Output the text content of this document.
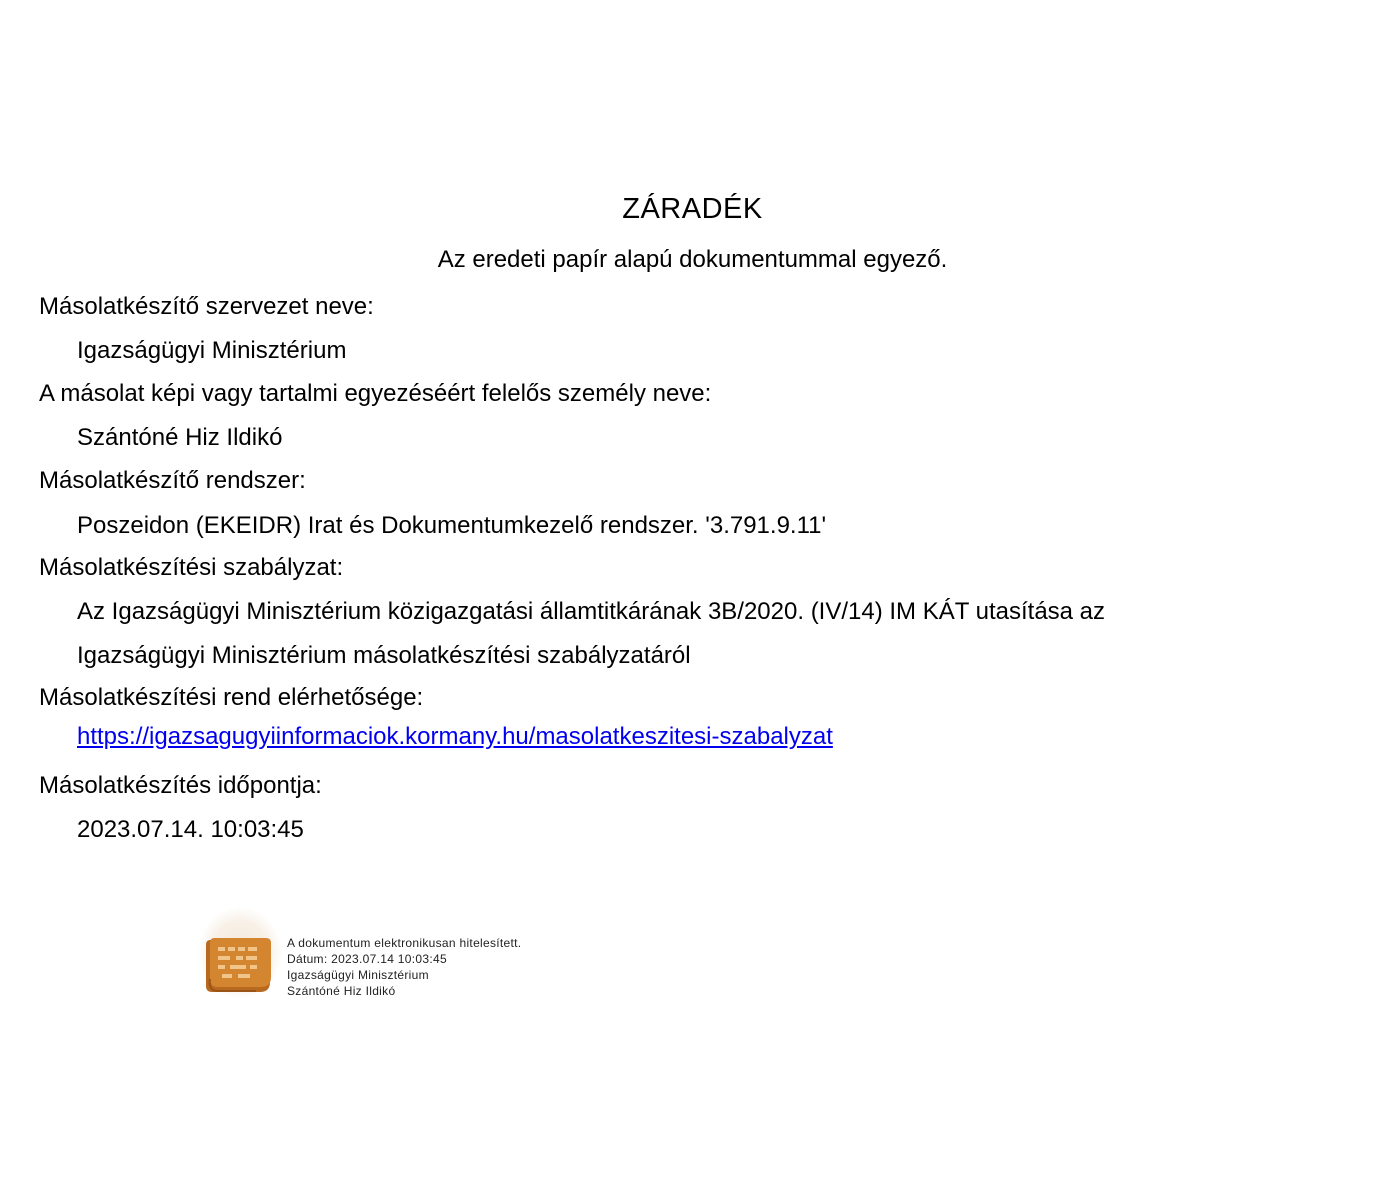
ZÁRADÉK
Az eredeti papír alapú dokumentummal egyező.
Másolatkészítő szervezet neve:
Igazságügyi Minisztérium
A másolat képi vagy tartalmi egyezéséért felelős személy neve:
Szántóné Hiz Ildikó
Másolatkészítő rendszer:
Poszeidon (EKEIDR) Irat és Dokumentumkezelő rendszer. '3.791.9.11'
Másolatkészítési szabályzat:
Az Igazságügyi Minisztérium közigazgatási államtitkárának 3B/2020. (IV/14) IM KÁT utasítása az
Igazságügyi Minisztérium másolatkészítési szabályzatáról
Másolatkészítési rend elérhetősége:
https://igazsagugyiinformaciok.kormany.hu/masolatkeszitesi-szabalyzat
Másolatkészítés időpontja:
2023.07.14. 10:03:45
A dokumentum elektronikusan hitelesített.
Dátum: 2023.07.14 10:03:45
Igazságügyi Minisztérium
Szántóné Hiz Ildikó
